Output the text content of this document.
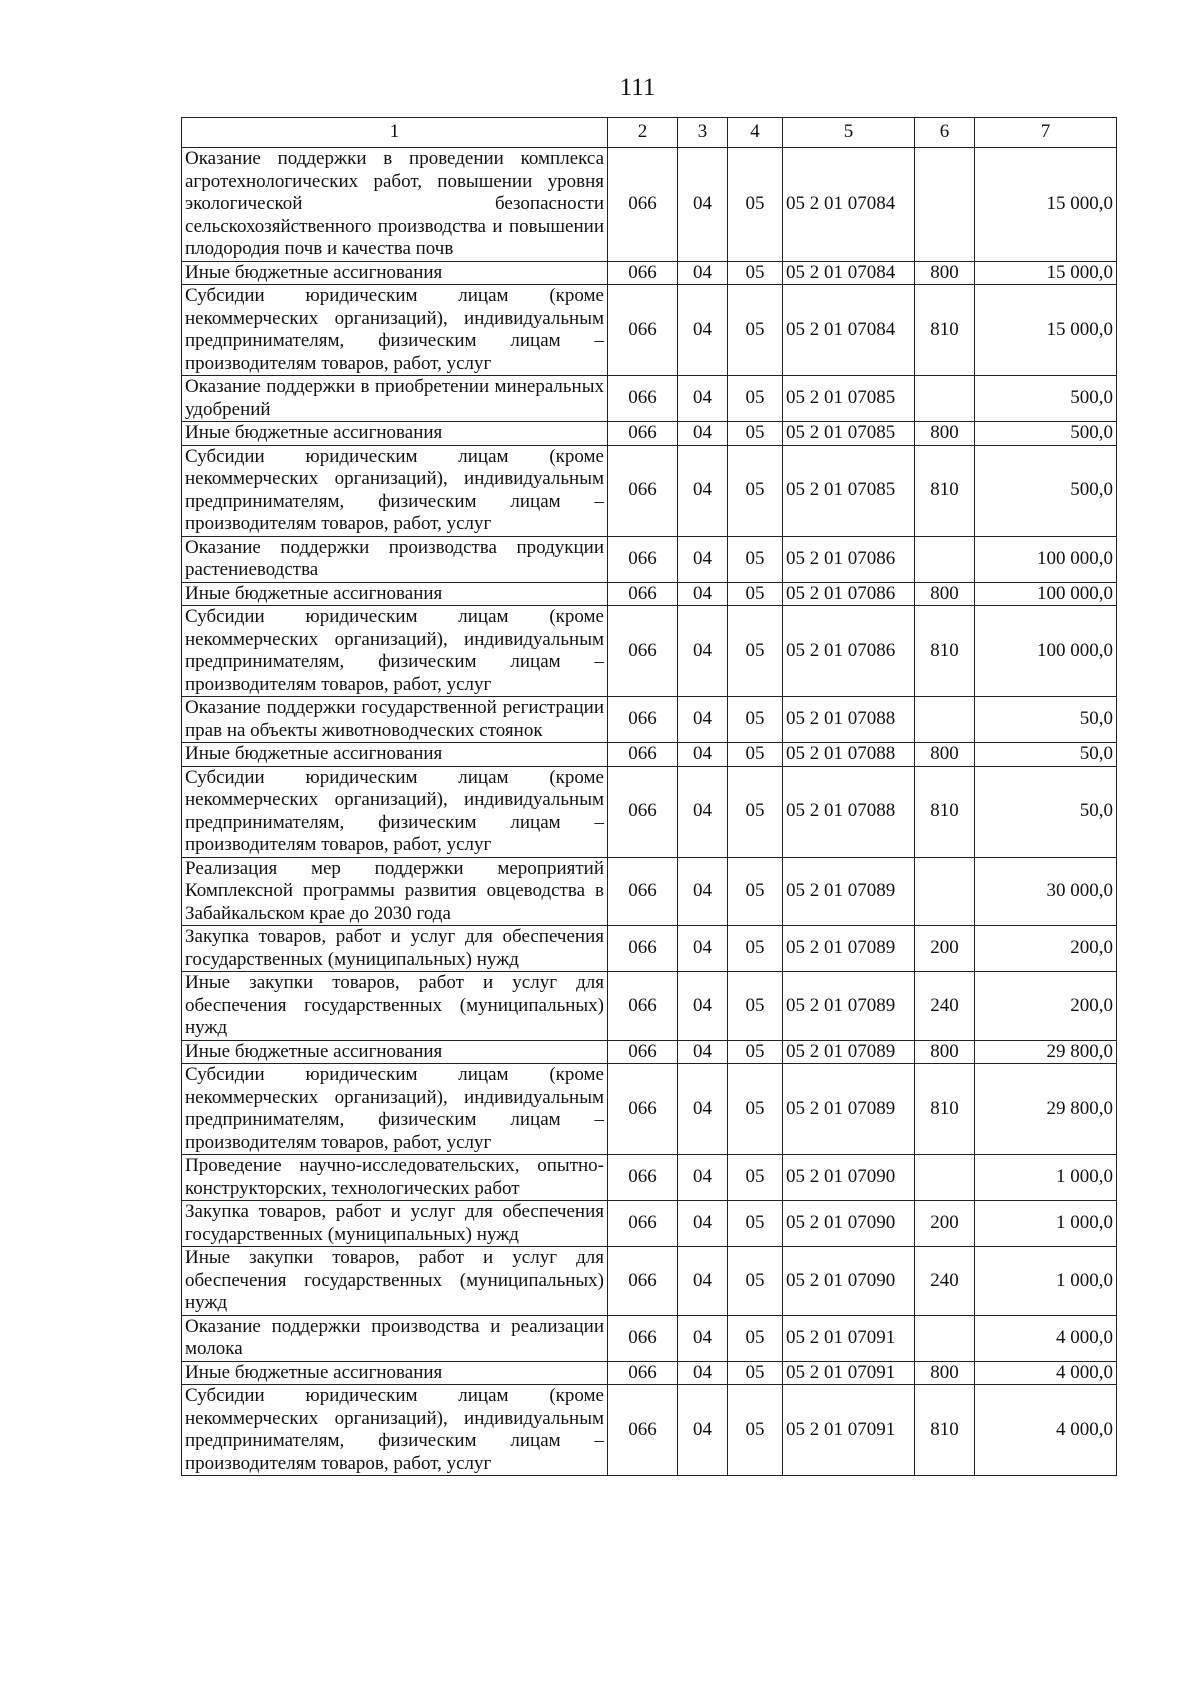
111
1	2	3	4	5	6	7
Оказание поддержки в проведении комплекса агротехнологических работ, повышении уровня экологической безопасности сельскохозяйственного производства и повышении плодородия почв и качества почв	066	04	05	05 2 01 07084		15 000,0
Иные бюджетные ассигнования	066	04	05	05 2 01 07084	800	15 000,0
Субсидии юридическим лицам (кроме некоммерческих организаций), индивидуальным предпринимателям, физическим лицам – производителям товаров, работ, услуг	066	04	05	05 2 01 07084	810	15 000,0
Оказание поддержки в приобретении минеральных удобрений	066	04	05	05 2 01 07085		500,0
Иные бюджетные ассигнования	066	04	05	05 2 01 07085	800	500,0
Субсидии юридическим лицам (кроме некоммерческих организаций), индивидуальным предпринимателям, физическим лицам – производителям товаров, работ, услуг	066	04	05	05 2 01 07085	810	500,0
Оказание поддержки производства продукции растениеводства	066	04	05	05 2 01 07086		100 000,0
Иные бюджетные ассигнования	066	04	05	05 2 01 07086	800	100 000,0
Субсидии юридическим лицам (кроме некоммерческих организаций), индивидуальным предпринимателям, физическим лицам – производителям товаров, работ, услуг	066	04	05	05 2 01 07086	810	100 000,0
Оказание поддержки государственной регистрации прав на объекты животноводческих стоянок	066	04	05	05 2 01 07088		50,0
Иные бюджетные ассигнования	066	04	05	05 2 01 07088	800	50,0
Субсидии юридическим лицам (кроме некоммерческих организаций), индивидуальным предпринимателям, физическим лицам – производителям товаров, работ, услуг	066	04	05	05 2 01 07088	810	50,0
Реализация мер поддержки мероприятий Комплексной программы развития овцеводства в Забайкальском крае до 2030 года	066	04	05	05 2 01 07089		30 000,0
Закупка товаров, работ и услуг для обеспечения государственных (муниципальных) нужд	066	04	05	05 2 01 07089	200	200,0
Иные закупки товаров, работ и услуг для обеспечения государственных (муниципальных) нужд	066	04	05	05 2 01 07089	240	200,0
Иные бюджетные ассигнования	066	04	05	05 2 01 07089	800	29 800,0
Субсидии юридическим лицам (кроме некоммерческих организаций), индивидуальным предпринимателям, физическим лицам – производителям товаров, работ, услуг	066	04	05	05 2 01 07089	810	29 800,0
Проведение научно-исследовательских, опытно-конструкторских, технологических работ	066	04	05	05 2 01 07090		1 000,0
Закупка товаров, работ и услуг для обеспечения государственных (муниципальных) нужд	066	04	05	05 2 01 07090	200	1 000,0
Иные закупки товаров, работ и услуг для обеспечения государственных (муниципальных) нужд	066	04	05	05 2 01 07090	240	1 000,0
Оказание поддержки производства и реализации молока	066	04	05	05 2 01 07091		4 000,0
Иные бюджетные ассигнования	066	04	05	05 2 01 07091	800	4 000,0
Субсидии юридическим лицам (кроме некоммерческих организаций), индивидуальным предпринимателям, физическим лицам – производителям товаров, работ, услуг	066	04	05	05 2 01 07091	810	4 000,0
